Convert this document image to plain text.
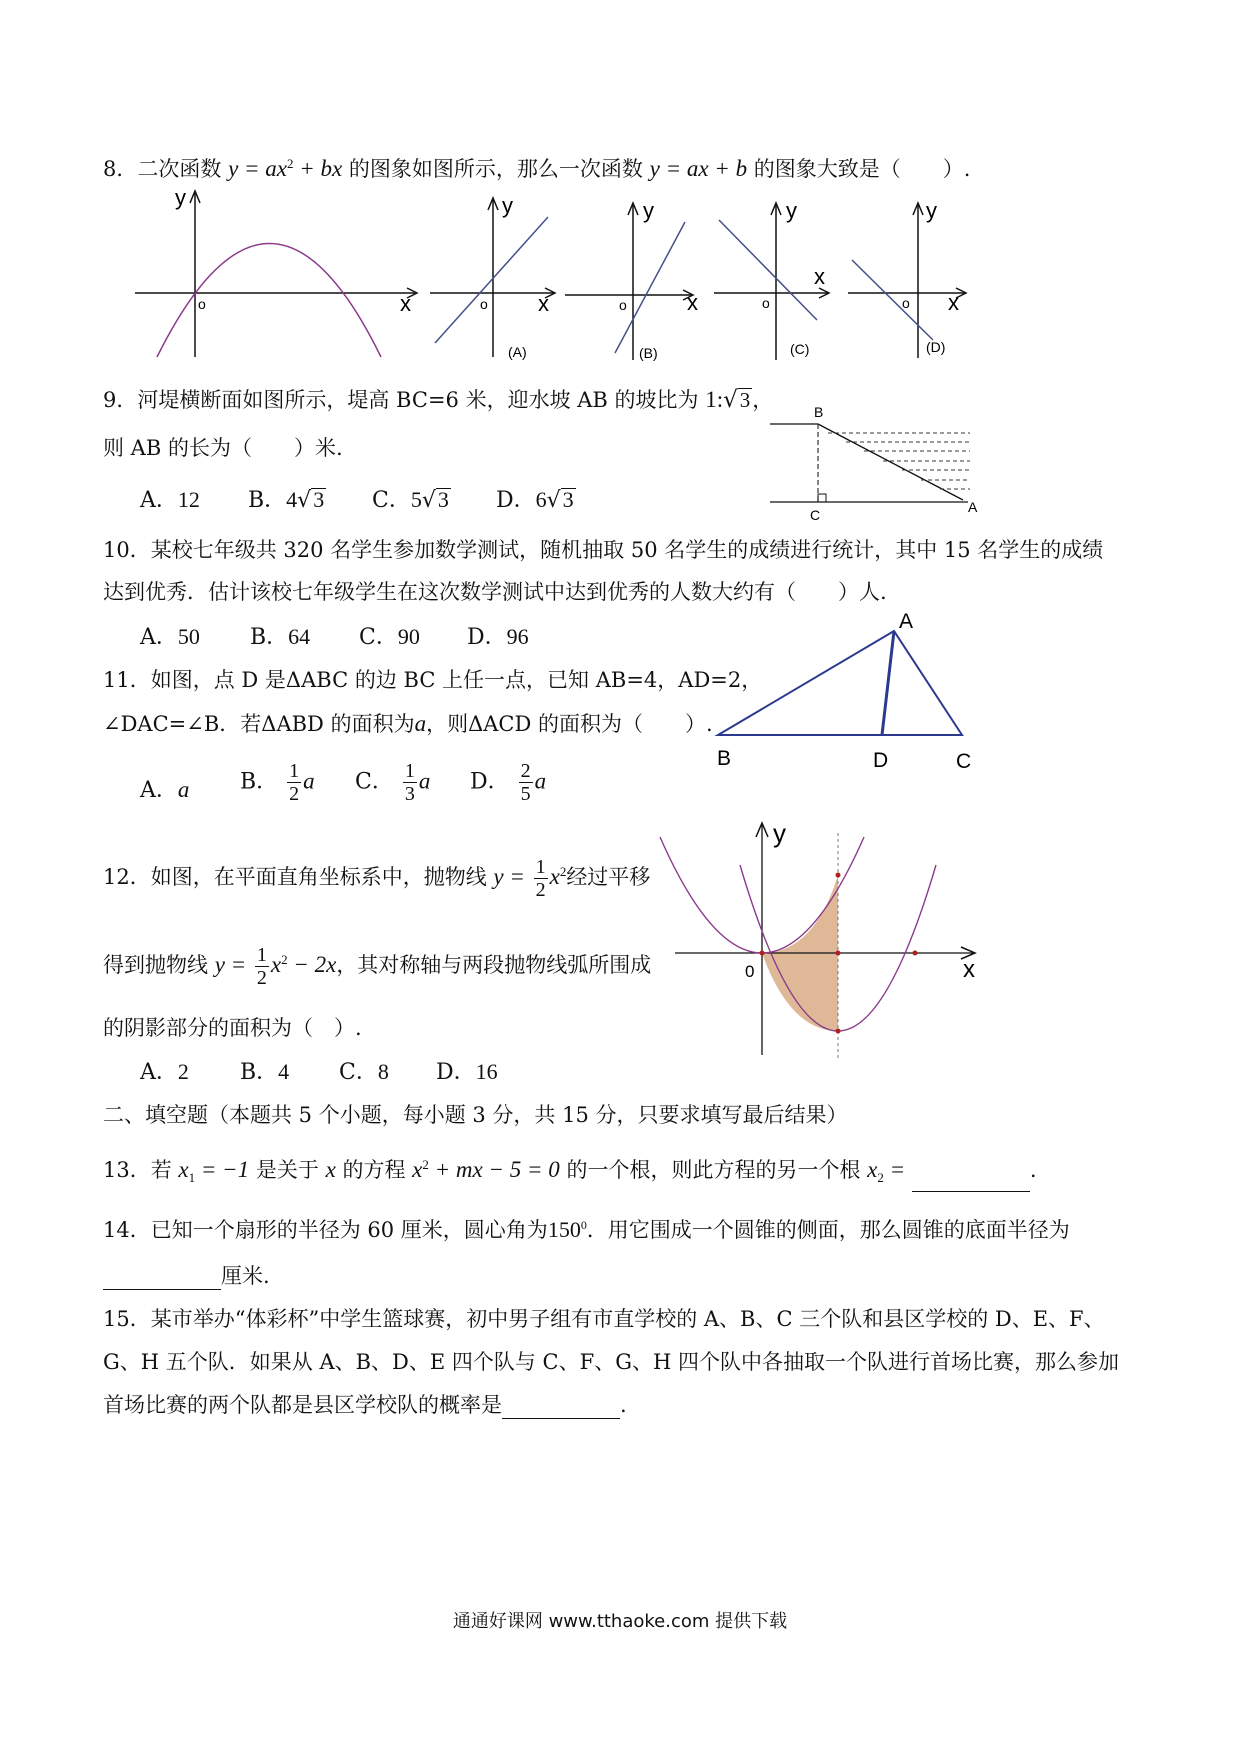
8．二次函数 $y = ax^2$ + bx 的图象如图所示，那么一次函数 y = ax + b 的图象大致是（　　）.
y
x
o
y
x
o
(A)
y
x
o
(B)
y
x
o
(C)
y
x
o
(D)
9．河堤横断面如图所示，堤高 BC=6 米，迎水坡 AB 的坡比为 1:√3，
则 AB 的长为（　　）米.
A．12 B．4√3 C．5√3 D．6√3
B
C	A
10．某校七年级共 320 名学生参加数学测试，随机抽取 50 名学生的成绩进行统计，其中 15 名学生的成绩
达到优秀．估计该校七年级学生在这次数学测试中达到优秀的人数大约有（　　）人.
A．50 B．64 C．90 D．96
11．如图，点 D 是ΔABC 的边 BC 上任一点，已知 AB=4，AD=2，
∠DAC=∠B．若ΔABD 的面积为a，则ΔACD 的面积为（　　）.
A．a B． $\frac{1}{2}$ a C． $\frac{1}{3}$ a D． $\frac{2}{5}$ a
A
B	D	C
12．如图，在平面直角坐标系中，抛物线 $y = \frac{1}{2} x^2$经过平移
得到抛物线 $y = \frac{1}{2} x^2 - 2x$，其对称轴与两段抛物线弧所围成
的阴影部分的面积为（　）.
A．2 B．4 C．8 D．16
y
x
0
二、填空题（本题共 5 个小题，每小题 3 分，共 15 分，只要求填写最后结果）
13．若 $x_1 = -1$ 是关于 x 的方程 $x^2$ + mx − 5 = 0 的一个根，则此方程的另一个根 $x_2$ =	.
14．已知一个扇形的半径为 60 厘米，圆心角为$150^0$．用它围成一个圆锥的侧面，那么圆锥的底面半径为
厘米.
15．某市举办“体彩杯”中学生篮球赛，初中男子组有市直学校的 A、B、C 三个队和县区学校的 D、E、F、
G、H 五个队．如果从 A、B、D、E 四个队与 C、F、G、H 四个队中各抽取一个队进行首场比赛，那么参加
首场比赛的两个队都是县区学校队的概率是	.
通通好课网 www.tthaoke.com 提供下载
